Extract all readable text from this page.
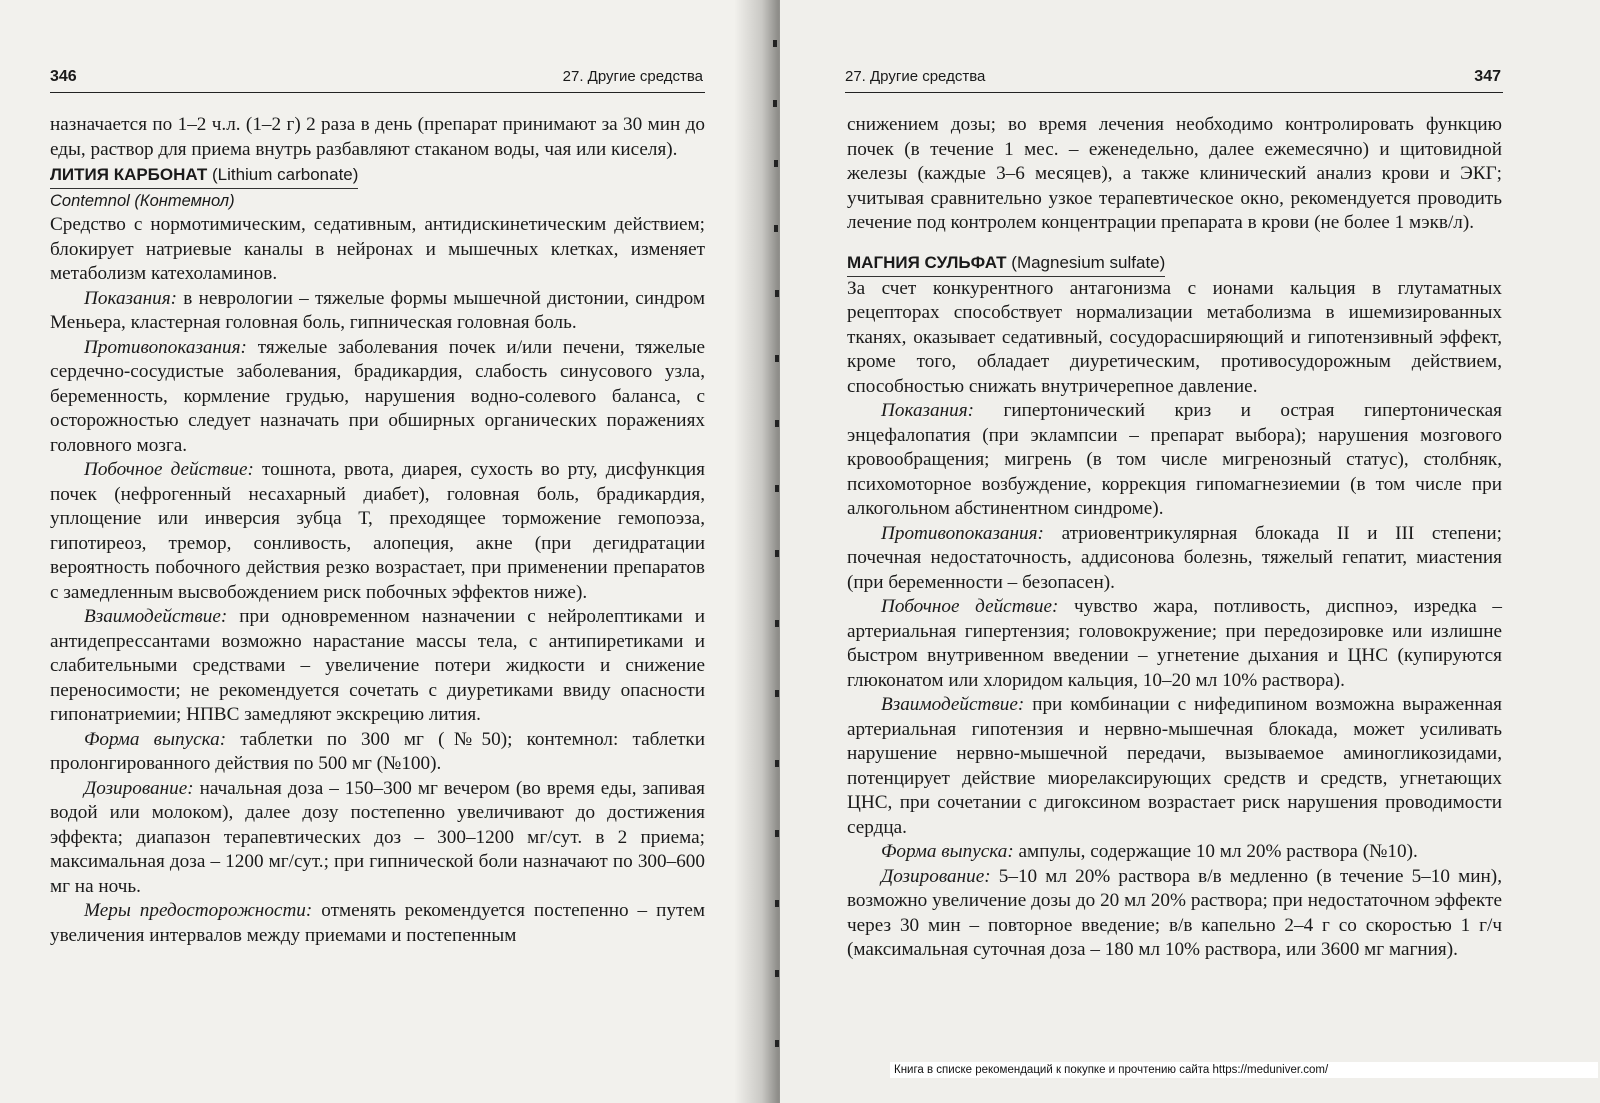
346	27. Другие средства

назначается по 1–2 ч.л. (1–2 г) 2 раза в день (препарат принимают за 30 мин до еды, раствор для приема внутрь разбавляют стаканом воды, чая или киселя).

ЛИТИЯ КАРБОНАТ (Lithium carbonate)

Contemnol (Контемнол)

Средство с нормотимическим, седативным, антидискинетическим действием; блокирует натриевые каналы в нейронах и мышечных клетках, изменяет метаболизм катехоламинов.

Показания: в неврологии – тяжелые формы мышечной дистонии, синдром Меньера, кластерная головная боль, гипническая головная боль.

Противопоказания: тяжелые заболевания почек и/или печени, тяжелые сердечно-сосудистые заболевания, брадикардия, слабость синусового узла, беременность, кормление грудью, нарушения водно-солевого баланса, с осторожностью следует назначать при обширных органических поражениях головного мозга.

Побочное действие: тошнота, рвота, диарея, сухость во рту, дисфункция почек (нефрогенный несахарный диабет), головная боль, брадикардия, уплощение или инверсия зубца Т, преходящее торможение гемопоэза, гипотиреоз, тремор, сонливость, алопеция, акне (при дегидратации вероятность побочного действия резко возрастает, при применении препаратов с замедленным высвобождением риск побочных эффектов ниже).

Взаимодействие: при одновременном назначении с нейролептиками и антидепрессантами возможно нарастание массы тела, с антипиретиками и слабительными средствами – увеличение потери жидкости и снижение переносимости; не рекомендуется сочетать с диуретиками ввиду опасности гипонатриемии; НПВС замедляют экскрецию лития.

Форма выпуска: таблетки по 300 мг (№50); контемнол: таблетки пролонгированного действия по 500 мг (№100).

Дозирование: начальная доза – 150–300 мг вечером (во время еды, запивая водой или молоком), далее дозу постепенно увеличивают до достижения эффекта; диапазон терапевтических доз – 300–1200 мг/сут. в 2 приема; максимальная доза – 1200 мг/сут.; при гипнической боли назначают по 300–600 мг на ночь.

Меры предосторожности: отменять рекомендуется постепенно – путем увеличения интервалов между приемами и постепенным

27. Другие средства	347

снижением дозы; во время лечения необходимо контролировать функцию почек (в течение 1 мес. – еженедельно, далее ежемесячно) и щитовидной железы (каждые 3–6 месяцев), а также клинический анализ крови и ЭКГ; учитывая сравнительно узкое терапевтическое окно, рекомендуется проводить лечение под контролем концентрации препарата в крови (не более 1 мэкв/л).

МАГНИЯ СУЛЬФАТ (Magnesium sulfate)

За счет конкурентного антагонизма с ионами кальция в глутаматных рецепторах способствует нормализации метаболизма в ишемизированных тканях, оказывает седативный, сосудорасширяющий и гипотензивный эффект, кроме того, обладает диуретическим, противосудорожным действием, способностью снижать внутричерепное давление.

Показания: гипертонический криз и острая гипертоническая энцефалопатия (при эклампсии – препарат выбора); нарушения мозгового кровообращения; мигрень (в том числе мигренозный статус), столбняк, психомоторное возбуждение, коррекция гипомагнезиемии (в том числе при алкогольном абстинентном синдроме).

Противопоказания: атриовентрикулярная блокада II и III степени; почечная недостаточность, аддисонова болезнь, тяжелый гепатит, миастения (при беременности – безопасен).

Побочное действие: чувство жара, потливость, диспноэ, изредка – артериальная гипертензия; головокружение; при передозировке или излишне быстром внутривенном введении – угнетение дыхания и ЦНС (купируются глюконатом или хлоридом кальция, 10–20 мл 10% раствора).

Взаимодействие: при комбинации с нифедипином возможна выраженная артериальная гипотензия и нервно-мышечная блокада, может усиливать нарушение нервно-мышечной передачи, вызываемое аминогликозидами, потенцирует действие миорелаксирующих средств и средств, угнетающих ЦНС, при сочетании с дигоксином возрастает риск нарушения проводимости сердца.

Форма выпуска: ампулы, содержащие 10 мл 20% раствора (№10).

Дозирование: 5–10 мл 20% раствора в/в медленно (в течение 5–10 мин), возможно увеличение дозы до 20 мл 20% раствора; при недостаточном эффекте через 30 мин – повторное введение; в/в капельно 2–4 г со скоростью 1 г/ч (максимальная суточная доза – 180 мл 10% раствора, или 3600 мг магния).

Книга в списке рекомендаций к покупке и прочтению сайта https://meduniver.com/
